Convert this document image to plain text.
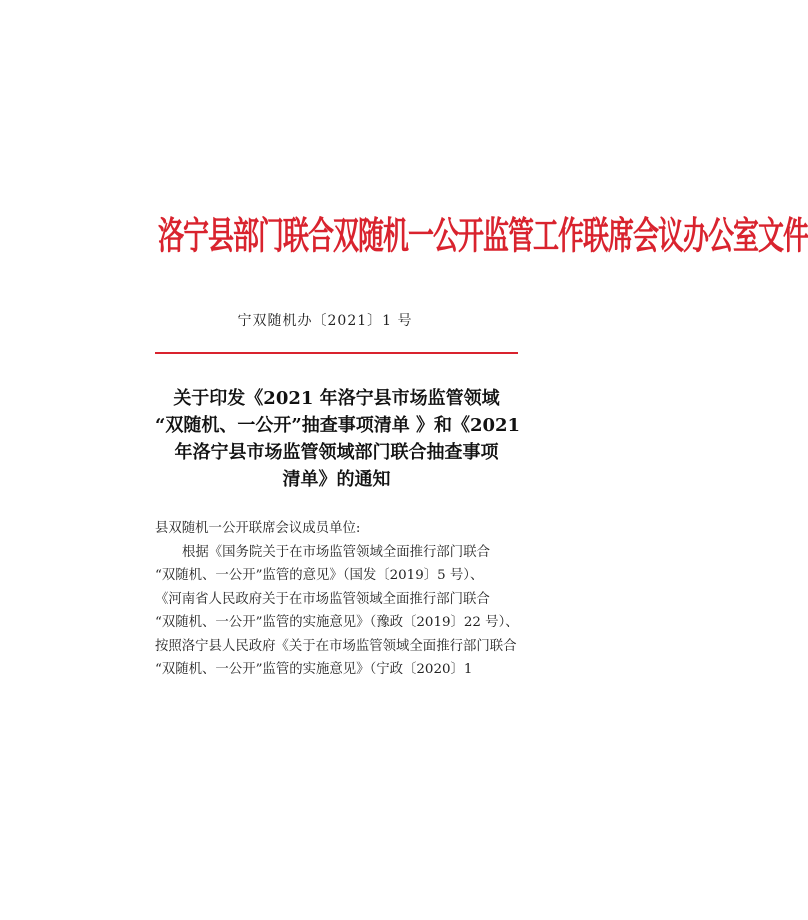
洛宁县部门联合双随机一公开监管工作联席会议办公室文件
宁双随机办〔2021〕1 号
关于印发《2021 年洛宁县市场监管领域
“双随机、一公开”抽查事项清单 》和《2021
年洛宁县市场监管领域部门联合抽查事项
清单》的通知
县双随机一公开联席会议成员单位:
根据《国务院关于在市场监管领域全面推行部门联合
“双随机、一公开”监管的意见》（国发〔2019〕5 号）、
《河南省人民政府关于在市场监管领域全面推行部门联合
“双随机、一公开”监管的实施意见》（豫政〔2019〕22 号）、
按照洛宁县人民政府《关于在市场监管领域全面推行部门联合
“双随机、一公开”监管的实施意见》（宁政〔2020〕1
